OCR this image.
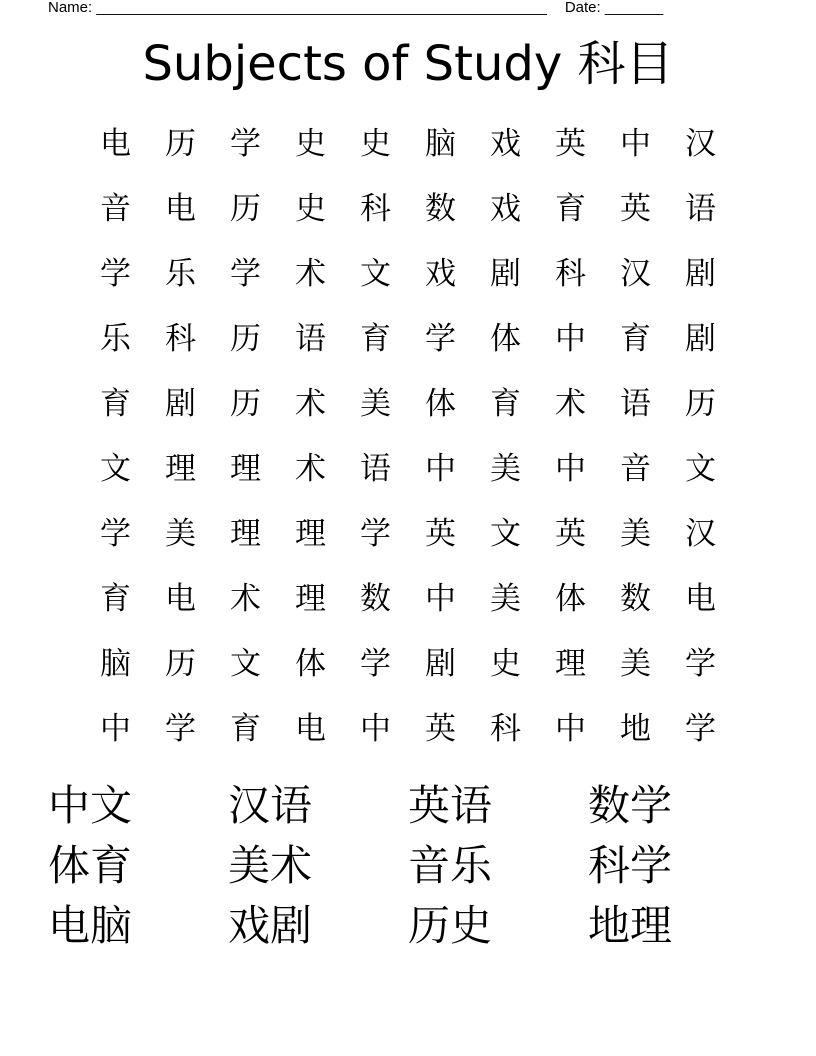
Name: ______________________________________________________ Date: _______
Subjects of Study 科目
电	历	学	史	史	脑	戏	英	中	汉
音	电	历	史	科	数	戏	育	英	语
学	乐	学	术	文	戏	剧	科	汉	剧
乐	科	历	语	育	学	体	中	育	剧
育	剧	历	术	美	体	育	术	语	历
文	理	理	术	语	中	美	中	音	文
学	美	理	理	学	英	文	英	美	汉
育	电	术	理	数	中	美	体	数	电
脑	历	文	体	学	剧	史	理	美	学
中	学	育	电	中	英	科	中	地	学
中文	汉语	英语	数学
体育	美术	音乐	科学
电脑	戏剧	历史	地理
